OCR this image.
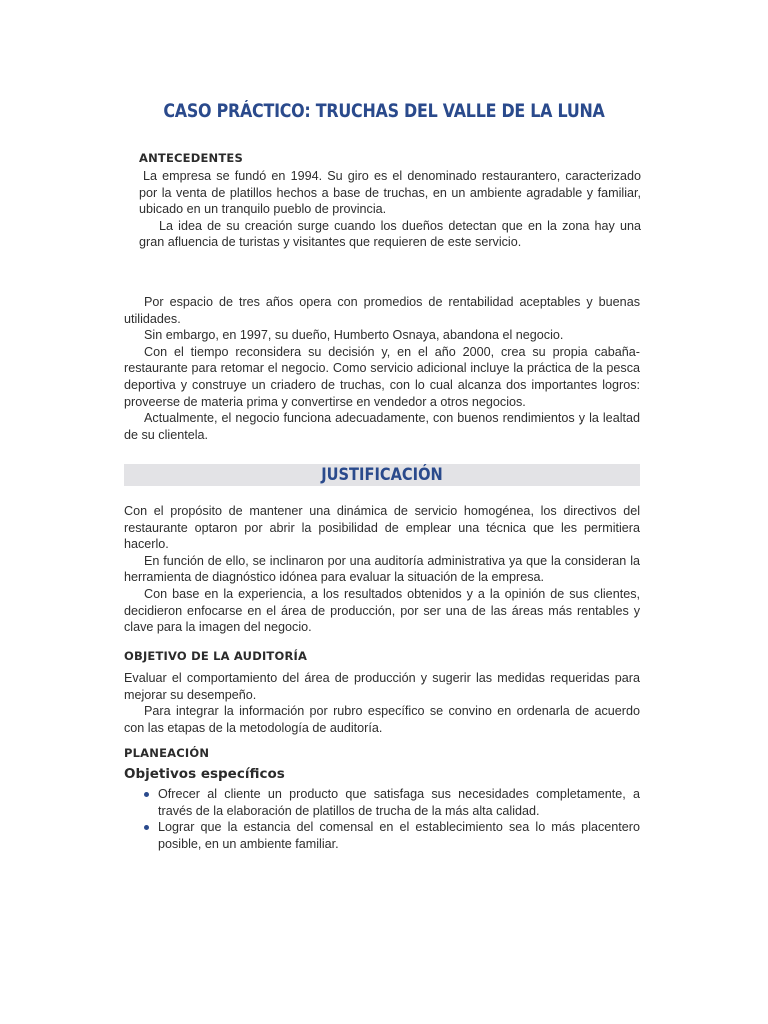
CASO PRÁCTICO: TRUCHAS DEL VALLE DE LA LUNA
ANTECEDENTES

La empresa se fundó en 1994. Su giro es el denominado restaurantero, caracterizado por la venta de platillos hechos a base de truchas, en un ambiente agradable y familiar, ubicado en un tranquilo pueblo de provincia.

La idea de su creación surge cuando los dueños detectan que en la zona hay una gran afluencia de turistas y visitantes que requieren de este servicio.

Por espacio de tres años opera con promedios de rentabilidad aceptables y buenas utilidades.

Sin embargo, en 1997, su dueño, Humberto Osnaya, abandona el negocio.

Con el tiempo reconsidera su decisión y, en el año 2000, crea su propia cabaña-restaurante para retomar el negocio. Como servicio adicional incluye la práctica de la pesca deportiva y construye un criadero de truchas, con lo cual alcanza dos importantes logros: proveerse de materia prima y convertirse en vendedor a otros negocios.

Actualmente, el negocio funciona adecuadamente, con buenos rendimientos y la lealtad de su clientela.

JUSTIFICACIÓN

Con el propósito de mantener una dinámica de servicio homogénea, los directivos del restaurante optaron por abrir la posibilidad de emplear una técnica que les permitiera hacerlo.

En función de ello, se inclinaron por una auditoría administrativa ya que la consideran la herramienta de diagnóstico idónea para evaluar la situación de la empresa.

Con base en la experiencia, a los resultados obtenidos y a la opinión de sus clientes, decidieron enfocarse en el área de producción, por ser una de las áreas más rentables y clave para la imagen del negocio.

OBJETIVO DE LA AUDITORÍA

Evaluar el comportamiento del área de producción y sugerir las medidas requeridas para mejorar su desempeño.

Para integrar la información por rubro específico se convino en ordenarla de acuerdo con las etapas de la metodología de auditoría.

PLANEACIÓN
Objetivos específicos
Ofrecer al cliente un producto que satisfaga sus necesidades completamente, a través de la elaboración de platillos de trucha de la más alta calidad.
Lograr que la estancia del comensal en el establecimiento sea lo más placentero posible, en un ambiente familiar.
